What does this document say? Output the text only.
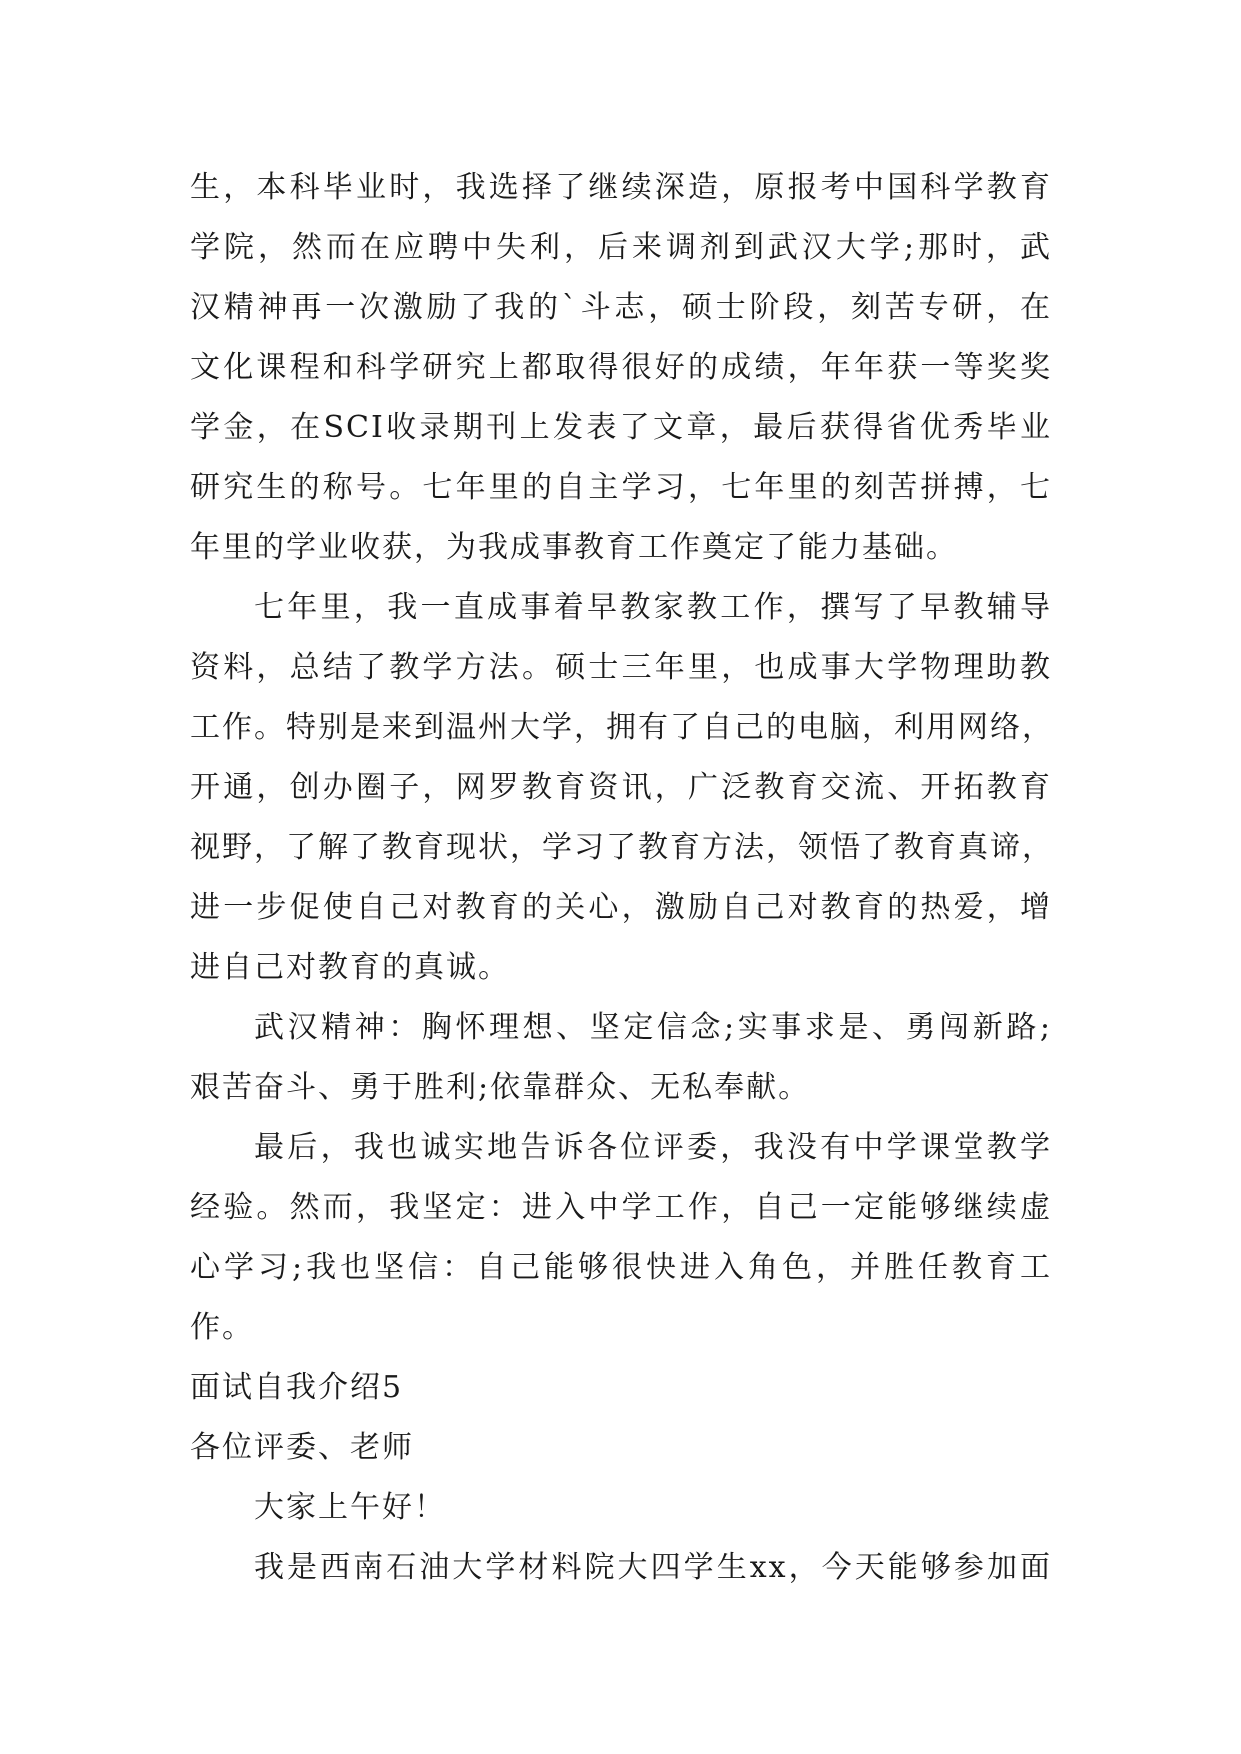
生，本科毕业时，我选择了继续深造，原报考中国科学教育
学院，然而在应聘中失利，后来调剂到武汉大学;那时，武
汉精神再一次激励了我的`斗志，硕士阶段，刻苦专研，在
文化课程和科学研究上都取得很好的成绩，年年获一等奖奖
学金，在SCI收录期刊上发表了文章，最后获得省优秀毕业
研究生的称号。七年里的自主学习，七年里的刻苦拼搏，七
年里的学业收获，为我成事教育工作奠定了能力基础。
七年里，我一直成事着早教家教工作，撰写了早教辅导
资料，总结了教学方法。硕士三年里，也成事大学物理助教
工作。特别是来到温州大学，拥有了自己的电脑，利用网络，
开通，创办圈子，网罗教育资讯，广泛教育交流、开拓教育
视野，了解了教育现状，学习了教育方法，领悟了教育真谛，
进一步促使自己对教育的关心，激励自己对教育的热爱，增
进自己对教育的真诚。
武汉精神：胸怀理想、坚定信念;实事求是、勇闯新路;
艰苦奋斗、勇于胜利;依靠群众、无私奉献。
最后，我也诚实地告诉各位评委，我没有中学课堂教学
经验。然而，我坚定：进入中学工作，自己一定能够继续虚
心学习;我也坚信：自己能够很快进入角色，并胜任教育工
作。
面试自我介绍5
各位评委、老师
大家上午好！
我是西南石油大学材料院大四学生xx，今天能够参加面
